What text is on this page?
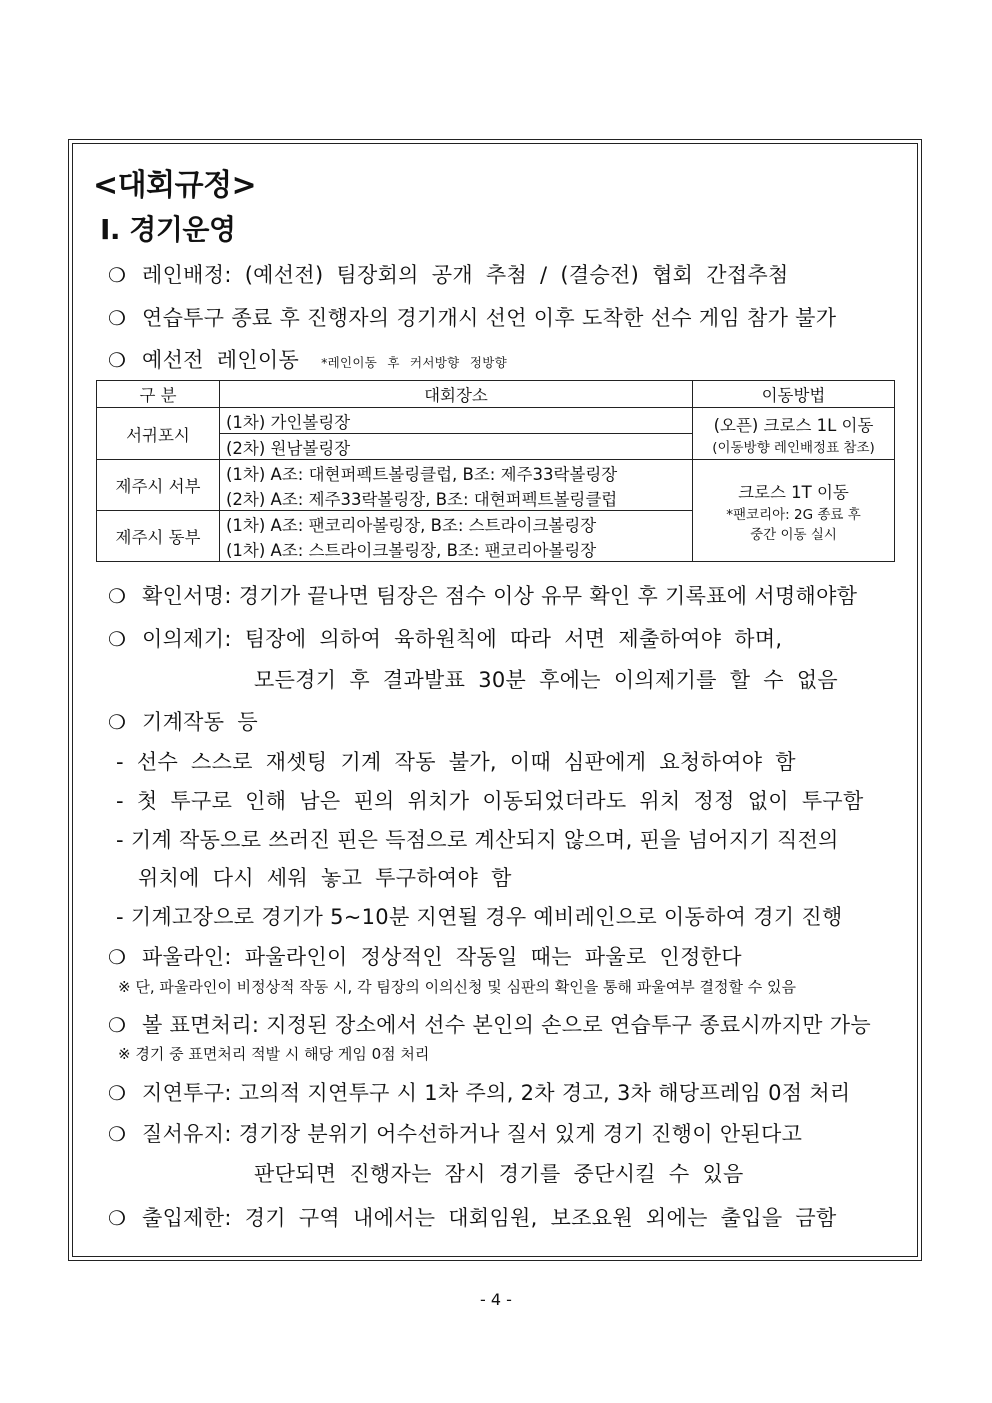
<대회규정>
Ⅰ. 경기운영
❍ 레인배정: (예선전) 팀장회의 공개 추첨 / (결승전) 협회 간접추첨
❍ 연습투구 종료 후 진행자의 경기개시 선언 이후 도착한 선수 게임 참가 불가
❍ 예선전 레인이동 *레인이동 후 커서방향 정방향
구 분	대회장소	이동방법
서귀포시	(1차) 가인볼링장	(오픈) 크로스 1L 이동
(이동방향 레인배정표 참조)

	(2차) 원남볼링장	
제주시 서부	(1차) A조: 대현퍼펙트볼링클럽, B조: 제주33락볼링장	크로스 1T 이동
*팬코리아: 2G 종료 후
중간 이동 실시

	(2차) A조: 제주33락볼링장, B조: 대현퍼펙트볼링클럽	
제주시 동부	(1차) A조: 팬코리아볼링장, B조: 스트라이크볼링장	
	(1차) A조: 스트라이크볼링장, B조: 팬코리아볼링장	
❍ 확인서명: 경기가 끝나면 팀장은 점수 이상 유무 확인 후 기록표에 서명해야함
❍ 이의제기: 팀장에 의하여 육하원칙에 따라 서면 제출하여야 하며,
모든경기 후 결과발표 30분 후에는 이의제기를 할 수 없음
❍ 기계작동 등
- 선수 스스로 재셋팅 기계 작동 불가, 이때 심판에게 요청하여야 함
- 첫 투구로 인해 남은 핀의 위치가 이동되었더라도 위치 정정 없이 투구함
- 기계 작동으로 쓰러진 핀은 득점으로 계산되지 않으며, 핀을 넘어지기 직전의
위치에 다시 세워 놓고 투구하여야 함
- 기계고장으로 경기가 5~10분 지연될 경우 예비레인으로 이동하여 경기 진행
❍ 파울라인: 파울라인이 정상적인 작동일 때는 파울로 인정한다
※ 단, 파울라인이 비정상적 작동 시, 각 팀장의 이의신청 및 심판의 확인을 통해 파울여부 결정할 수 있음
❍ 볼 표면처리: 지정된 장소에서 선수 본인의 손으로 연습투구 종료시까지만 가능
※ 경기 중 표면처리 적발 시 해당 게임 0점 처리
❍ 지연투구: 고의적 지연투구 시 1차 주의, 2차 경고, 3차 해당프레임 0점 처리
❍ 질서유지: 경기장 분위기 어수선하거나 질서 있게 경기 진행이 안된다고
판단되면 진행자는 잠시 경기를 중단시킬 수 있음
❍ 출입제한: 경기 구역 내에서는 대회임원, 보조요원 외에는 출입을 금함
- 4 -
